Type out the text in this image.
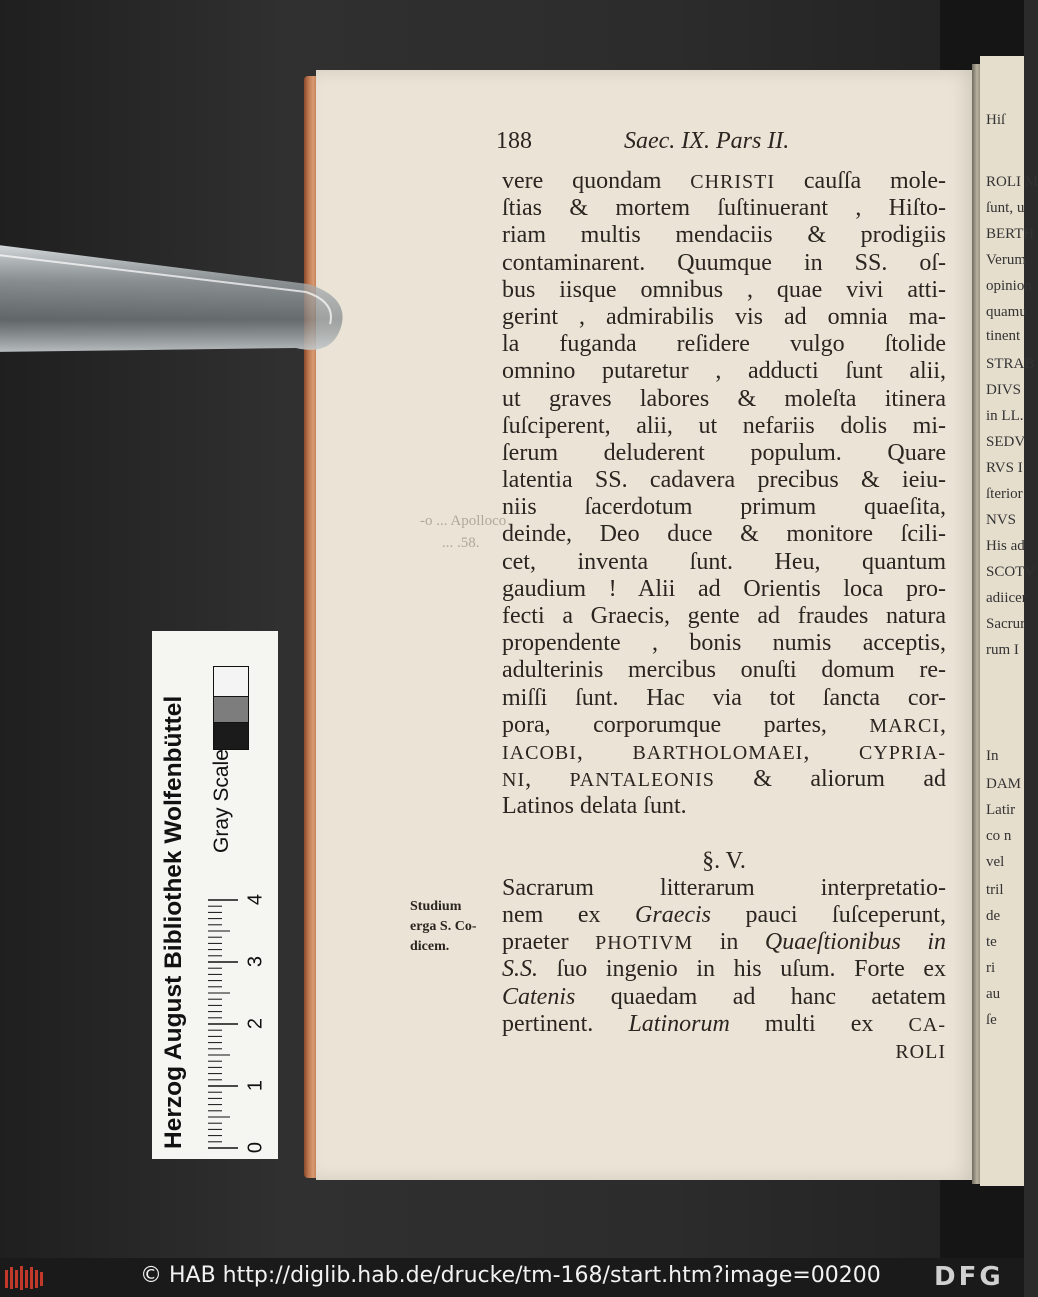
Hiſ
ROLI M
ſunt, u
BERTH
Verum
opinion
quamu
tinent
STRAB
DIVS
in LL.
SEDV
RVS I
ſterior
NVS
His ad
SCOTV
adiicer
Sacrur
rum I
In
DAM
Latir
co n
vel
tril
de
te
ri
au
ſe
188	Saec. IX. Pars II.
vere quondam CHRISTI cauſſa mole-
ſtias & mortem ſuſtinuerant , Hiſto-
riam multis mendaciis & prodigiis
contaminarent. Quumque in SS. oſ-
bus iisque omnibus , quae vivi atti-
gerint , admirabilis vis ad omnia ma-
la fuganda reſidere vulgo ſtolide
omnino putaretur , adducti ſunt alii,
ut graves labores & moleſta itinera
ſuſciperent, alii, ut nefariis dolis mi-
ſerum deluderent populum. Quare
latentia SS. cadavera precibus & ieiu-
niis ſacerdotum primum quaeſita,
deinde, Deo duce & monitore ſcili-
cet, inventa ſunt. Heu, quantum
gaudium ! Alii ad Orientis loca pro-
fecti a Graecis, gente ad fraudes natura
propendente , bonis numis acceptis,
adulterinis mercibus onuſti domum re-
miſſi ſunt. Hac via tot ſancta cor-
pora, corporumque partes, MARCI,
IACOBI, BARTHOLOMAEI, CYPRIA-
NI, PANTALEONIS & aliorum ad
Latinos delata ſunt.
§. V.
Sacrarum litterarum interpretatio-
nem ex Graecis pauci ſuſceperunt,
praeter PHOTIVM in Quaeſtionibus in
S.S. ſuo ingenio in his uſum. Forte ex
Catenis quaedam ad hanc aetatem
pertinent. Latinorum multi ex CA-
ROLI
-o ... Apolloco
... .58.
Studium
erga S. Co-
dicem.
Herzog August Bibliothek Wolfenbüttel Gray Scale
0
1
2
3
4
© HAB http://diglib.hab.de/drucke/tm-168/start.htm?image=00200 DFG
